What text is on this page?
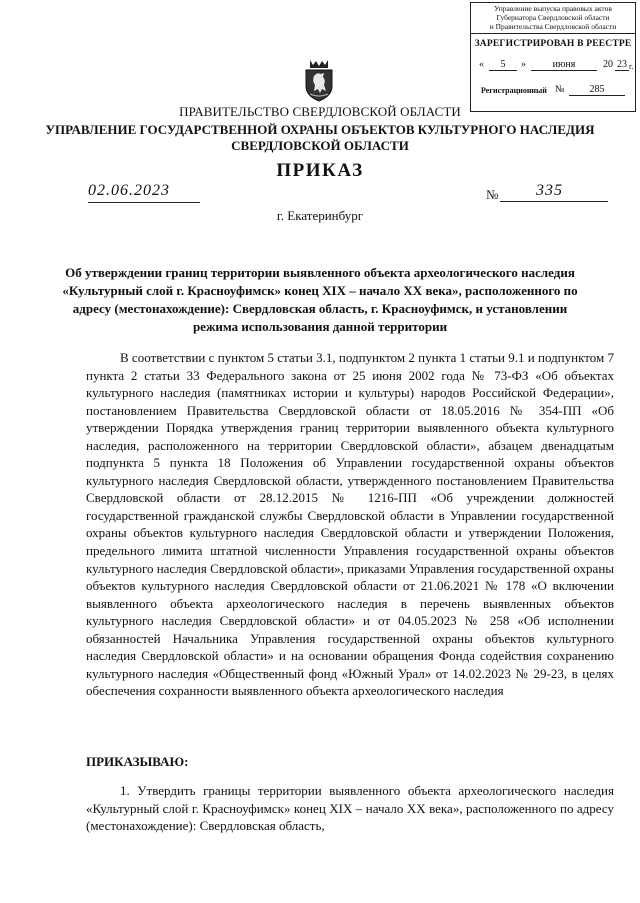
Управление выпуска правовых актов
Губернатора Свердловской области
и Правительства Свердловской области
ЗАРЕГИСТРИРОВАН В РЕЕСТРЕ
«	5	»	июня	20 23 г.
Регистрационный №	285
ПРАВИТЕЛЬСТВО СВЕРДЛОВСКОЙ ОБЛАСТИ
УПРАВЛЕНИЕ ГОСУДАРСТВЕННОЙ ОХРАНЫ ОБЪЕКТОВ КУЛЬТУРНОГО НАСЛЕДИЯ СВЕРДЛОВСКОЙ ОБЛАСТИ
ПРИКАЗ
02.06.2023	№	335
г. Екатеринбург
Об утверждении границ территории выявленного объекта археологического наследия «Культурный слой г. Красноуфимск» конец XIX – начало XX века», расположенного по адресу (местонахождение): Свердловская область, г. Красноуфимск, и установлении режима использования данной территории

В соответствии с пунктом 5 статьи 3.1, подпунктом 2 пункта 1 статьи 9.1 и подпунктом 7 пункта 2 статьи 33 Федерального закона от 25 июня 2002 года № 73-ФЗ «Об объектах культурного наследия (памятниках истории и культуры) народов Российской Федерации», постановлением Правительства Свердловской области от 18.05.2016 № 354-ПП «Об утверждении Порядка утверждения границ территории выявленного объекта культурного наследия, расположенного на территории Свердловской области», абзацем двенадцатым подпункта 5 пункта 18 Положения об Управлении государственной охраны объектов культурного наследия Свердловской области, утвержденного постановлением Правительства Свердловской области от 28.12.2015 № 1216-ПП «Об учреждении должностей государственной гражданской службы Свердловской области в Управлении государственной охраны объектов культурного наследия Свердловской области и утверждении Положения, предельного лимита штатной численности Управления государственной охраны объектов культурного наследия Свердловской области», приказами Управления государственной охраны объектов культурного наследия Свердловской области от 21.06.2021 № 178 «О включении выявленного объекта археологического наследия в перечень выявленных объектов культурного наследия Свердловской области» и от 04.05.2023 № 258 «Об исполнении обязанностей Начальника Управления государственной охраны объектов культурного наследия Свердловской области» и на основании обращения Фонда содействия сохранению культурного наследия «Общественный фонд «Южный Урал» от 14.02.2023 № 29-23, в целях обеспечения сохранности выявленного объекта археологического наследия

ПРИКАЗЫВАЮ:

1. Утвердить границы территории выявленного объекта археологического наследия «Культурный слой г. Красноуфимск» конец XIX – начало XX века», расположенного по адресу (местонахождение): Свердловская область,
